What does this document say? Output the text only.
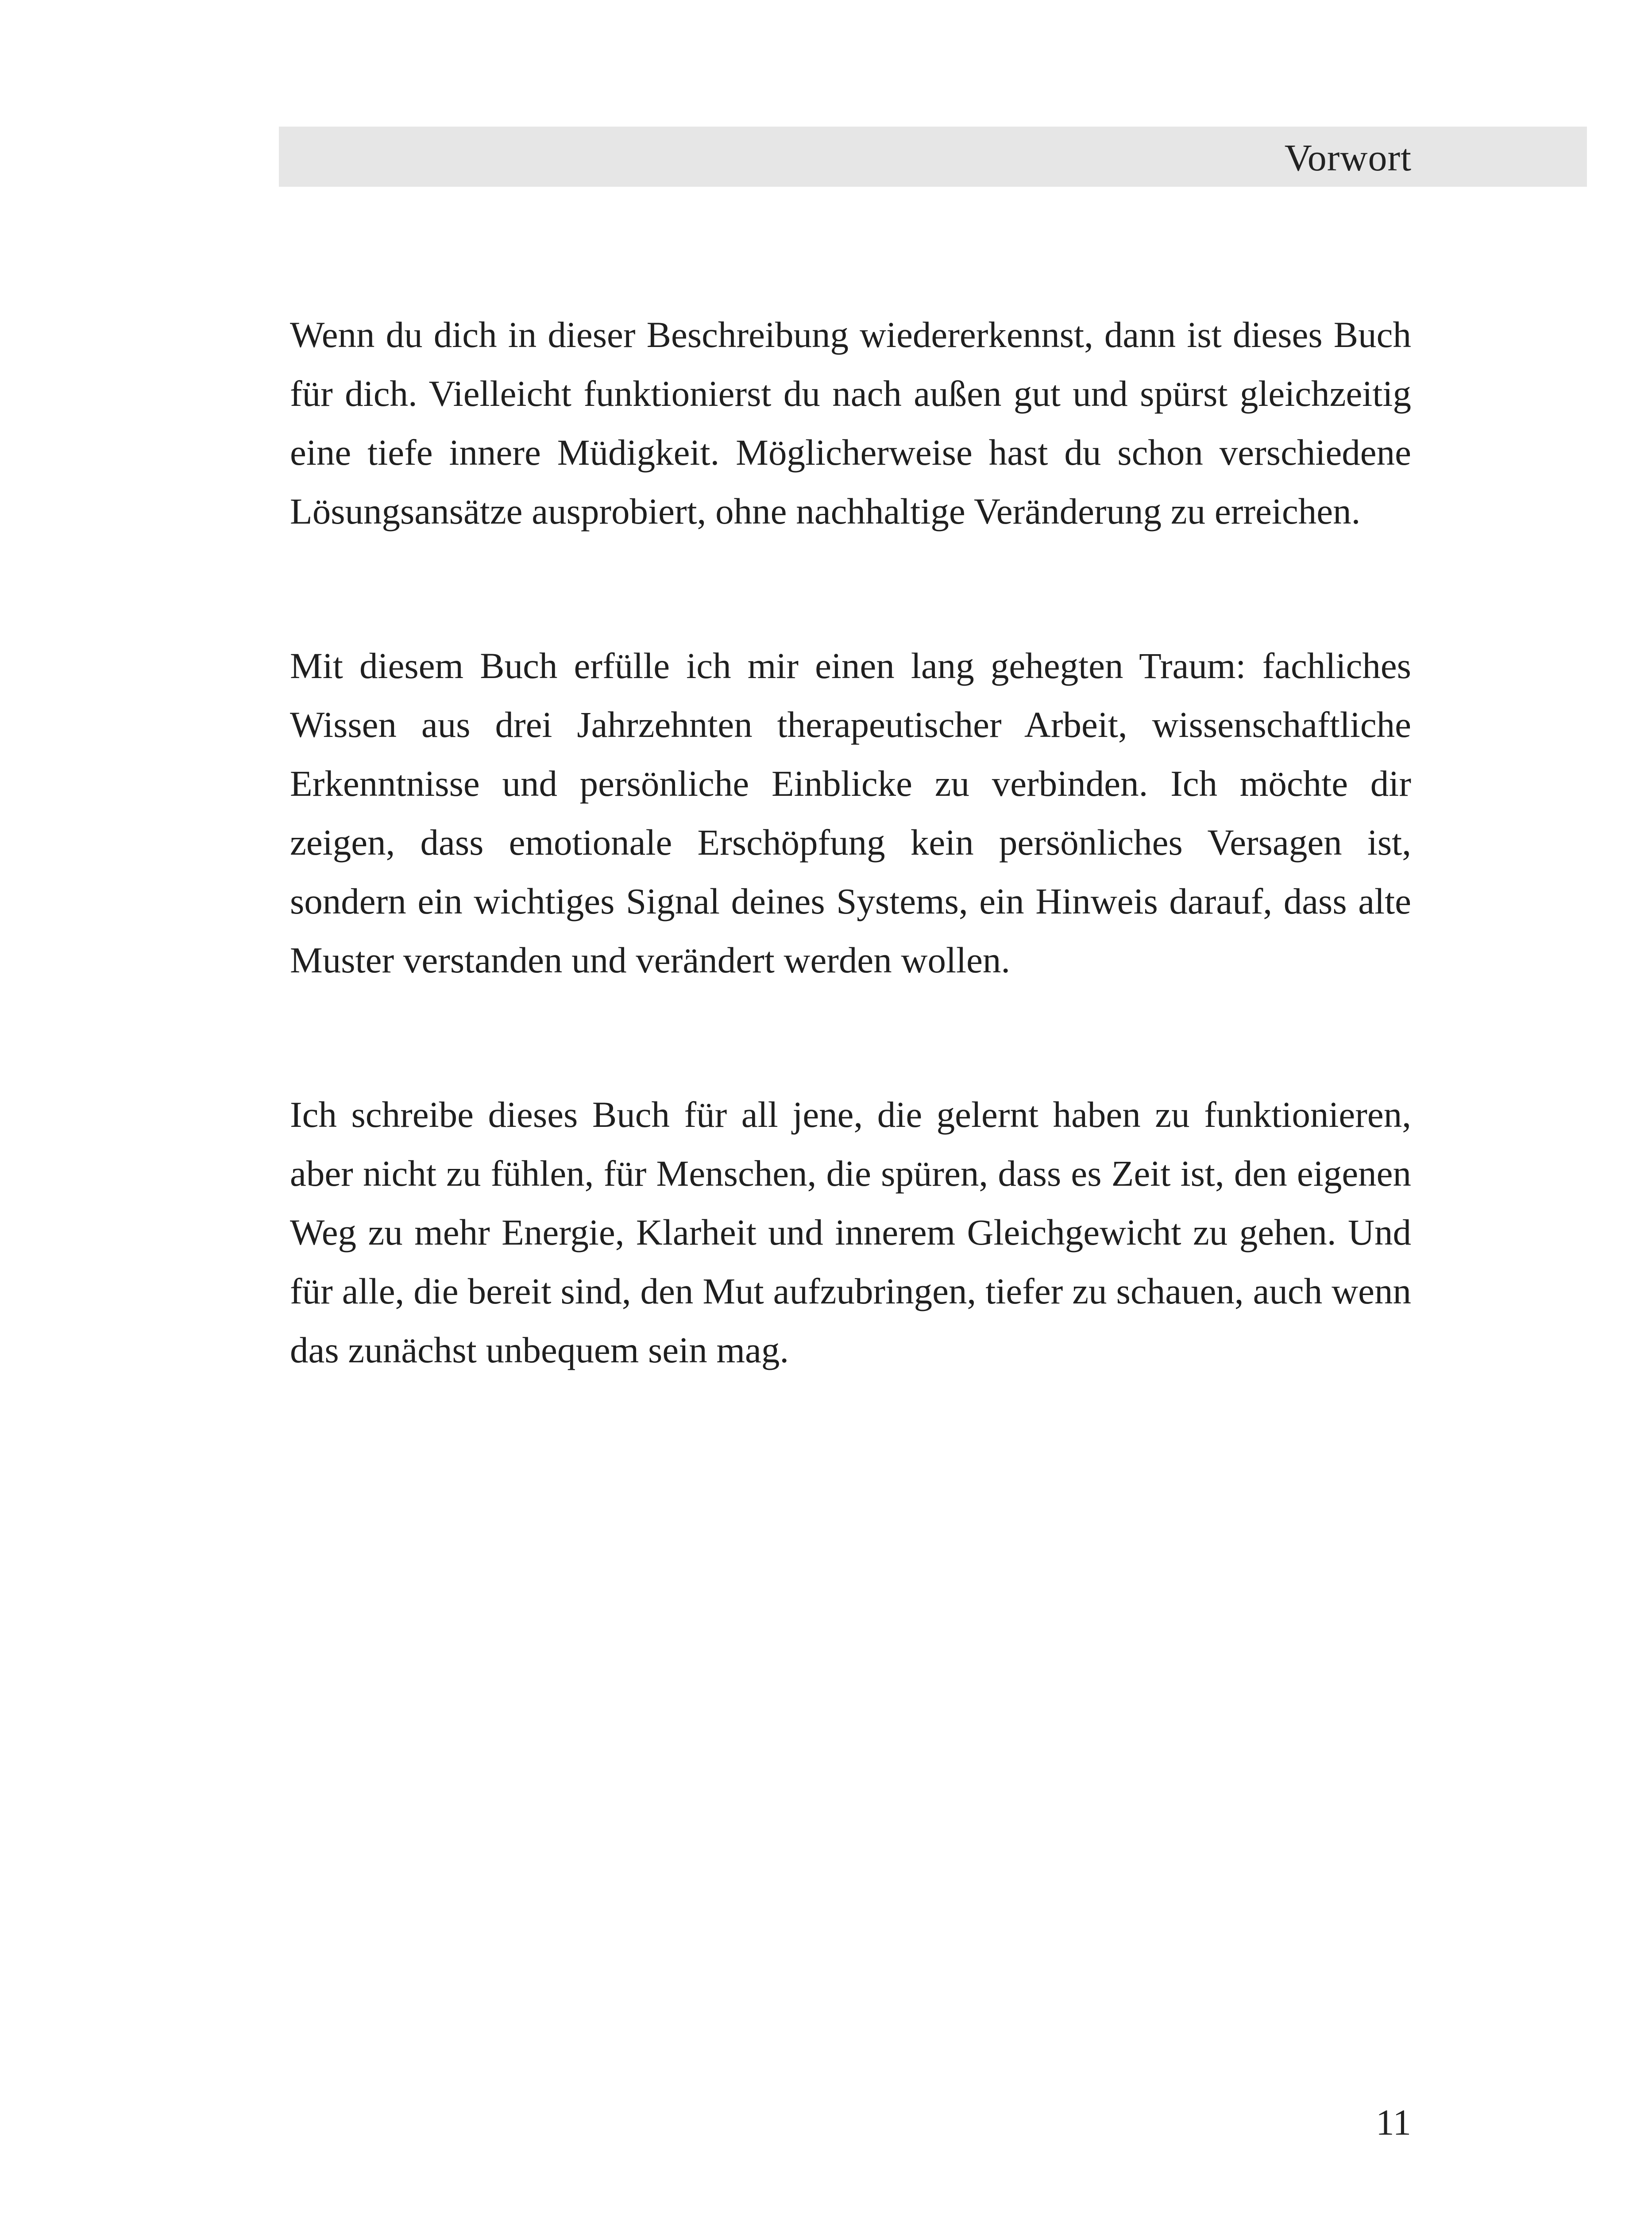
Vorwort

Wenn du dich in dieser Beschreibung wiedererkennst, dann ist dieses Buch für dich. Vielleicht funktionierst du nach außen gut und spürst gleichzeitig eine tiefe innere Müdigkeit. Möglicherweise hast du schon verschiedene Lösungsansätze ausprobiert, ohne nachhaltige Veränderung zu erreichen.

Mit diesem Buch erfülle ich mir einen lang gehegten Traum: fachliches Wissen aus drei Jahrzehnten therapeutischer Arbeit, wissenschaftliche Erkenntnisse und persönliche Einblicke zu verbinden. Ich möchte dir zeigen, dass emotionale Erschöpfung kein persönliches Versagen ist, sondern ein wichtiges Signal deines Systems, ein Hinweis darauf, dass alte Muster verstanden und verändert werden wollen.

Ich schreibe dieses Buch für all jene, die gelernt haben zu funktionieren, aber nicht zu fühlen, für Menschen, die spüren, dass es Zeit ist, den eigenen Weg zu mehr Energie, Klarheit und innerem Gleichgewicht zu gehen. Und für alle, die bereit sind, den Mut aufzubringen, tiefer zu schauen, auch wenn das zunächst unbequem sein mag.

11
